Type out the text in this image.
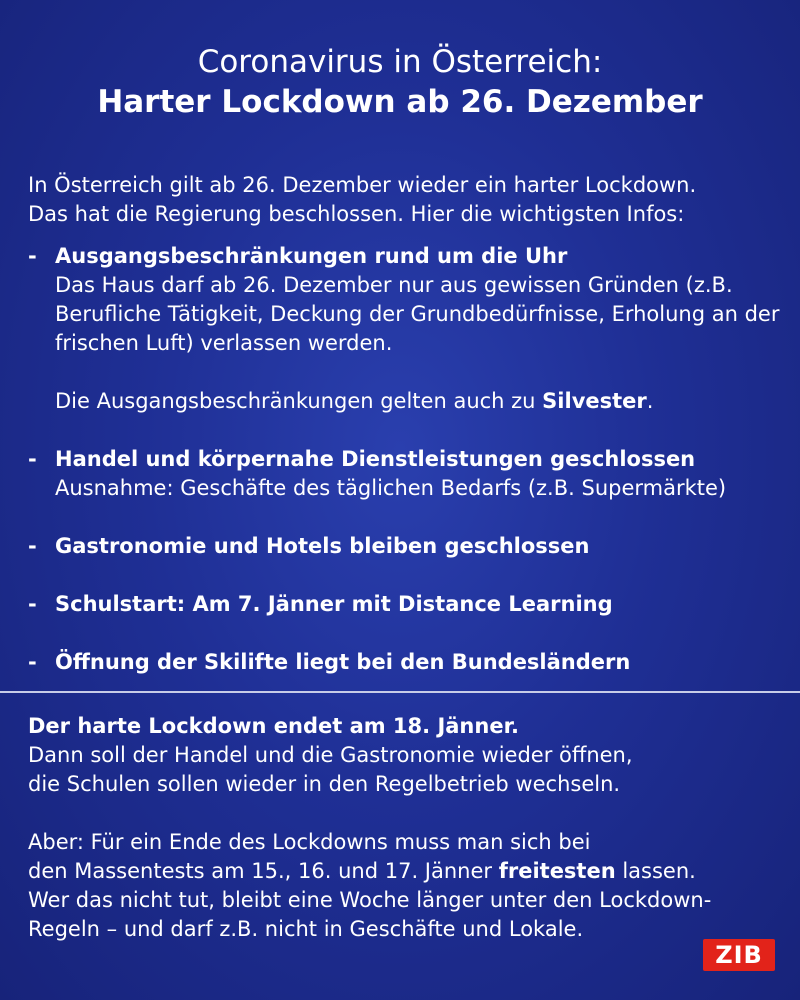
Coronavirus in Österreich:
Harter Lockdown ab 26. Dezember
In Österreich gilt ab 26. Dezember wieder ein harter Lockdown.
Das hat die Regierung beschlossen. Hier die wichtigsten Infos:
- Ausgangsbeschränkungen rund um die Uhr
Das Haus darf ab 26. Dezember nur aus gewissen Gründen (z.B. Berufliche Tätigkeit, Deckung der Grundbedürfnisse, Erholung an der frischen Luft) verlassen werden.
Die Ausgangsbeschränkungen gelten auch zu Silvester.
- Handel und körpernahe Dienstleistungen geschlossen
Ausnahme: Geschäfte des täglichen Bedarfs (z.B. Supermärkte)
- Gastronomie und Hotels bleiben geschlossen
- Schulstart: Am 7. Jänner mit Distance Learning
- Öffnung der Skilifte liegt bei den Bundesländern

Der harte Lockdown endet am 18. Jänner.
Dann soll der Handel und die Gastronomie wieder öffnen,
die Schulen sollen wieder in den Regelbetrieb wechseln.

Aber: Für ein Ende des Lockdowns muss man sich bei
den Massentests am 15., 16. und 17. Jänner freitesten lassen.
Wer das nicht tut, bleibt eine Woche länger unter den Lockdown-
Regeln – und darf z.B. nicht in Geschäfte und Lokale.

ZIB
